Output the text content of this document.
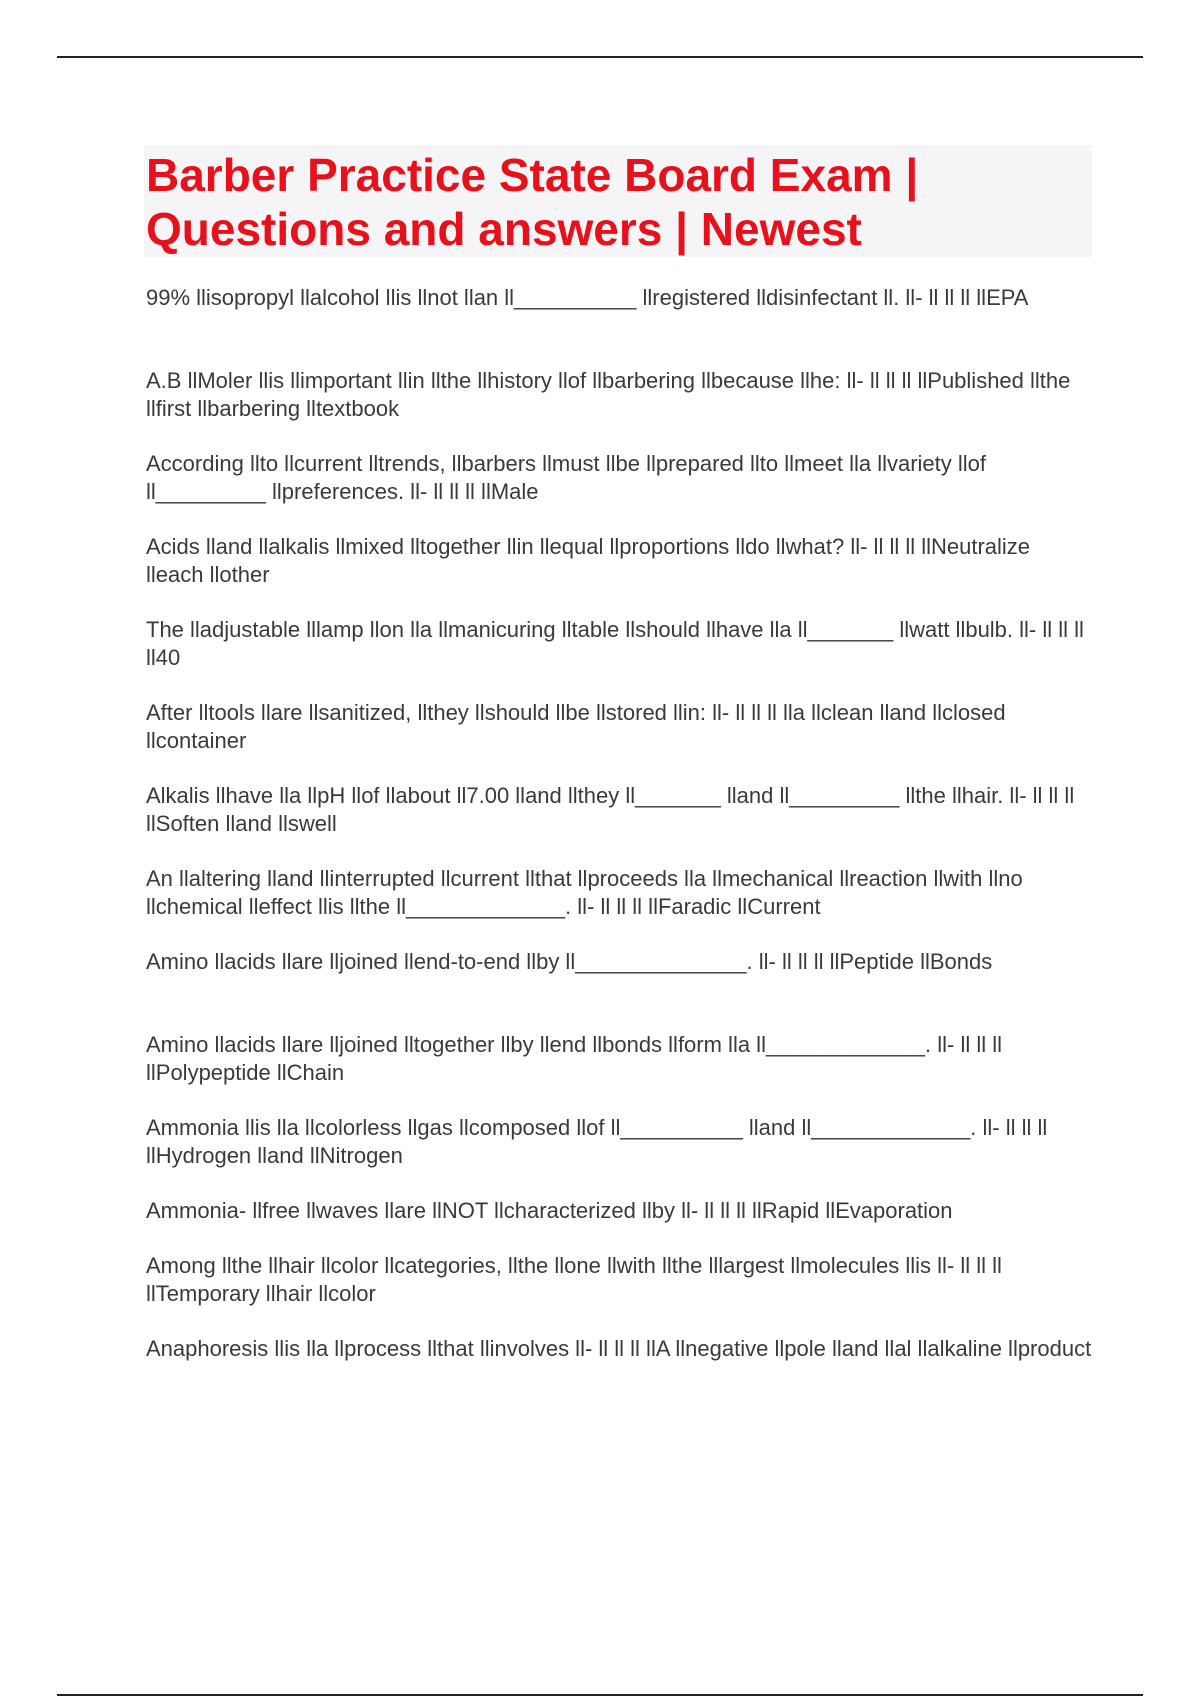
Barber Practice State Board Exam |
Questions and answers | Newest

99% llisopropyl llalcohol llis llnot llan ll__________ llregistered lldisinfectant ll. ll- ll ll ll llEPA

A.B llMoler llis llimportant llin llthe llhistory llof llbarbering llbecause llhe: ll- ll ll ll llPublished llthe llfirst llbarbering lltextbook

According llto llcurrent lltrends, llbarbers llmust llbe llprepared llto llmeet lla llvariety llof ll_________ llpreferences. ll- ll ll ll llMale

Acids lland llalkalis llmixed lltogether llin llequal llproportions lldo llwhat? ll- ll ll ll llNeutralize lleach llother

The lladjustable lllamp llon lla llmanicuring lltable llshould llhave lla ll_______ llwatt llbulb. ll- ll ll ll ll40

After lltools llare llsanitized, llthey llshould llbe llstored llin: ll- ll ll ll lla llclean lland llclosed llcontainer

Alkalis llhave lla llpH llof llabout ll7.00 lland llthey ll_______ lland ll_________ llthe llhair. ll- ll ll ll llSoften lland llswell

An llaltering lland llinterrupted llcurrent llthat llproceeds lla llmechanical llreaction llwith llno llchemical lleffect llis llthe ll_____________. ll- ll ll ll llFaradic llCurrent

Amino llacids llare lljoined llend-to-end llby ll______________. ll- ll ll ll llPeptide llBonds

Amino llacids llare lljoined lltogether llby llend llbonds llform lla ll_____________. ll- ll ll ll llPolypeptide llChain

Ammonia llis lla llcolorless llgas llcomposed llof ll__________ lland ll_____________. ll- ll ll ll llHydrogen lland llNitrogen

Ammonia- llfree llwaves llare llNOT llcharacterized llby ll- ll ll ll llRapid llEvaporation

Among llthe llhair llcolor llcategories, llthe llone llwith llthe lllargest llmolecules llis ll- ll ll ll llTemporary llhair llcolor

Anaphoresis llis lla llprocess llthat llinvolves ll- ll ll ll llA llnegative llpole lland llal llalkaline llproduct
